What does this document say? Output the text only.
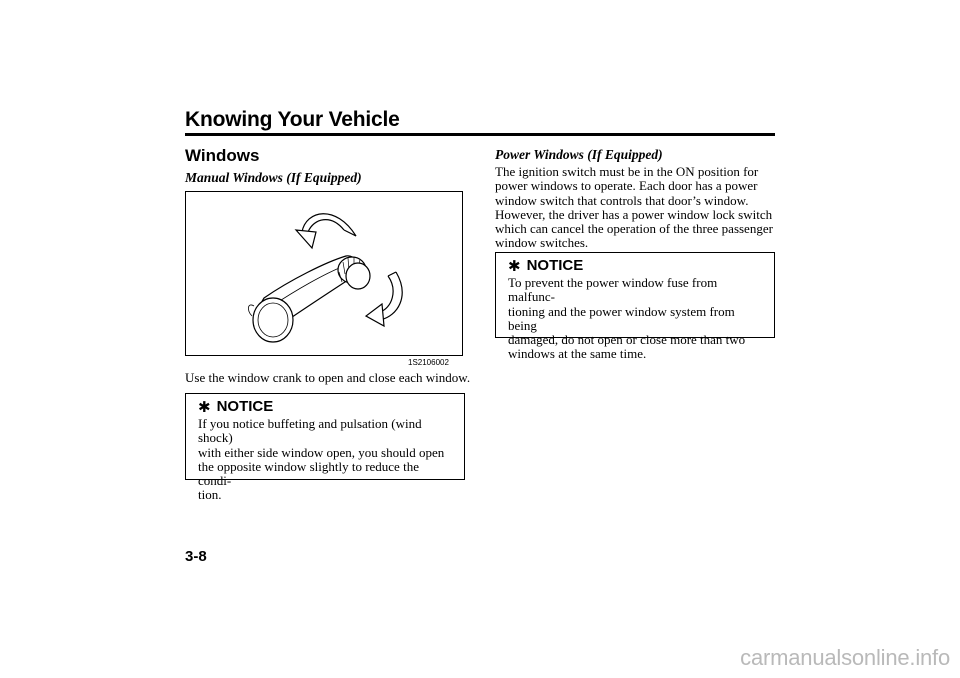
Knowing Your Vehicle
Windows
Manual Windows (If Equipped)
1S2106002
Use the window crank to open and close each window.
✱ NOTICE
If you notice buffeting and pulsation (wind shock)
with either side window open, you should open
the opposite window slightly to reduce the condi-
tion.
Power Windows (If Equipped)
The ignition switch must be in the ON position for
power windows to operate. Each door has a power
window switch that controls that door’s window.
However, the driver has a power window lock switch
which can cancel the operation of the three passenger
window switches.
✱ NOTICE
To prevent the power window fuse from malfunc-
tioning and the power window system from being
damaged, do not open or close more than two
windows at the same time.
3-8
carmanualsonline.info
